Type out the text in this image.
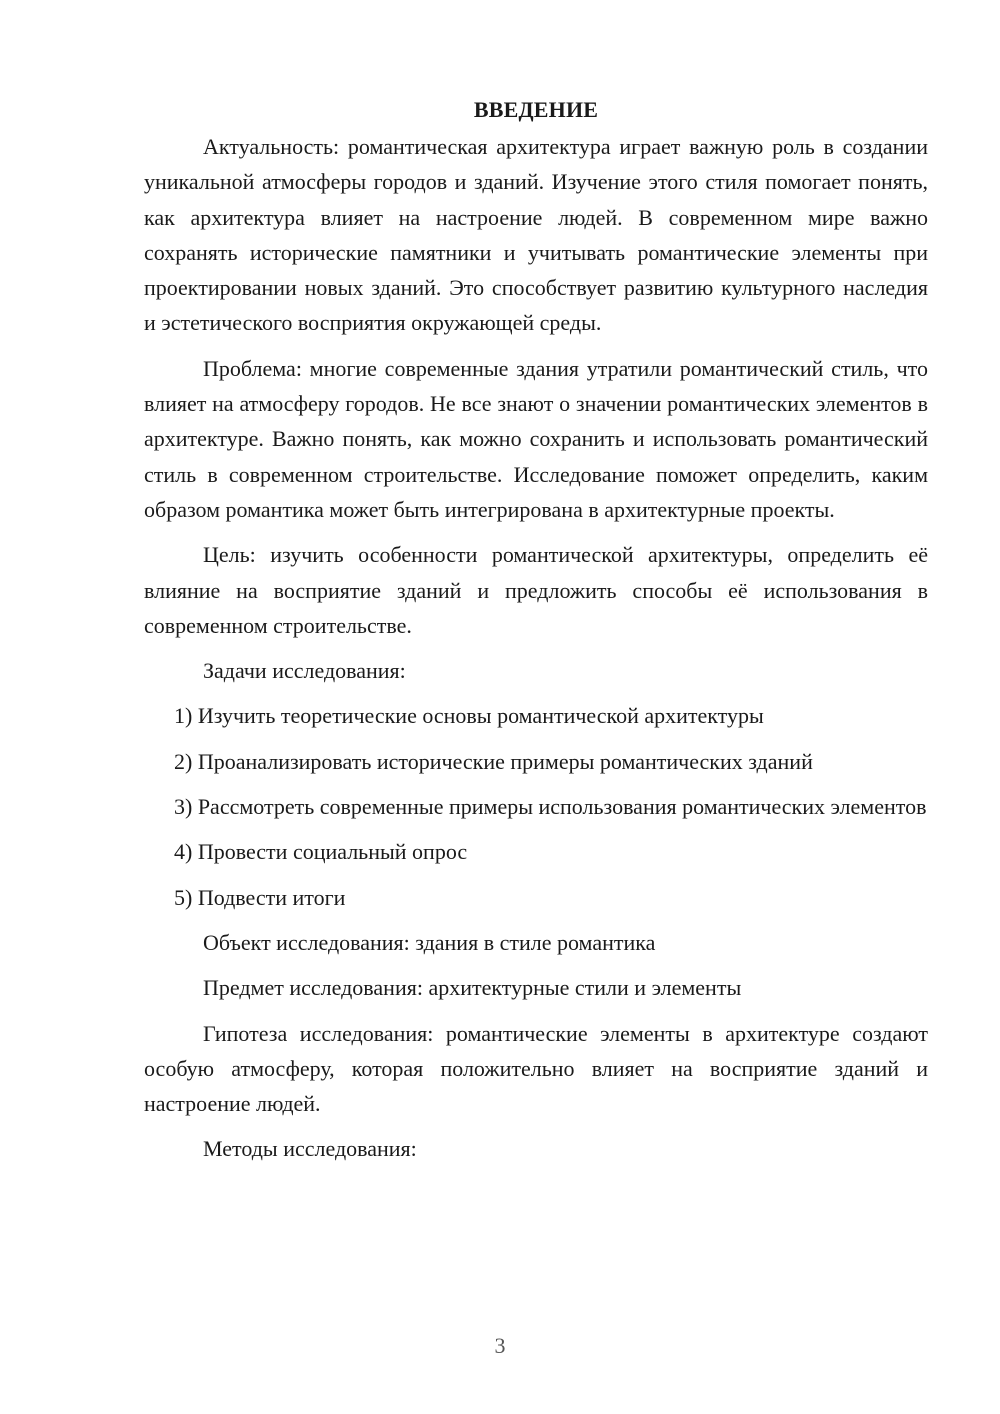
ВВЕДЕНИЕ

Актуальность: романтическая архитектура играет важную роль в создании уникальной атмосферы городов и зданий. Изучение этого стиля помогает понять, как архитектура влияет на настроение людей. В современном мире важно сохранять исторические памятники и учитывать романтические элементы при проектировании новых зданий. Это способствует развитию культурного наследия и эстетического восприятия окружающей среды.

Проблема: многие современные здания утратили романтический стиль, что влияет на атмосферу городов. Не все знают о значении романтических элементов в архитектуре. Важно понять, как можно сохранить и использовать романтический стиль в современном строительстве. Исследование поможет определить, каким образом романтика может быть интегрирована в архитектурные проекты.

Цель: изучить особенности романтической архитектуры, определить её влияние на восприятие зданий и предложить способы её использования в современном строительстве.

Задачи исследования:

1) Изучить теоретические основы романтической архитектуры

2) Проанализировать исторические примеры романтических зданий

3) Рассмотреть современные примеры использования романтических элементов

4) Провести социальный опрос

5) Подвести итоги

Объект исследования: здания в стиле романтика

Предмет исследования: архитектурные стили и элементы

Гипотеза исследования: романтические элементы в архитектуре создают особую атмосферу, которая положительно влияет на восприятие зданий и настроение людей.

Методы исследования:

3
